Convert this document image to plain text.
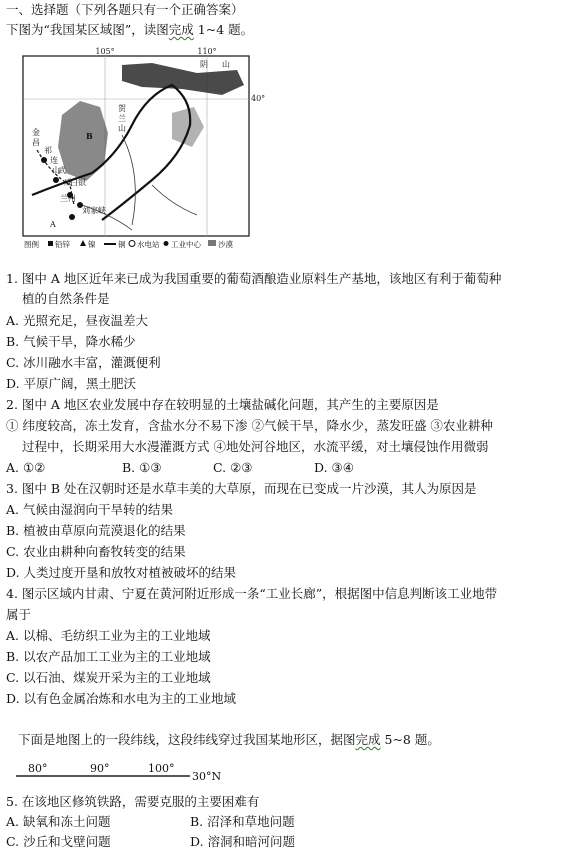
一、选择题（下列各题只有一个正确答案）
下图为“我国某区域图”，读图完成 1~4 题。
105°	110°
40°
阴 山
贺
兰
山
金
昌
祁
连
山
武
威
白银
兰州
刘家峡
A
B
图例 铅锌 镍	铜 水电站 工业中心 沙漠
1. 图中 A 地区近年来已成为我国重要的葡萄酒酿造业原料生产基地，该地区有利于葡萄种
植的自然条件是
A. 光照充足，昼夜温差大
B. 气候干旱，降水稀少
C. 冰川融水丰富，灌溉便利
D. 平原广阔，黑土肥沃
2. 图中 A 地区农业发展中存在较明显的土壤盐碱化问题，其产生的主要原因是
① 纬度较高，冻土发育，含盐水分不易下渗 ②气候干旱，降水少，蒸发旺盛 ③农业耕种
过程中，长期采用大水漫灌溉方式 ④地处河谷地区，水流平缓，对土壤侵蚀作用微弱
A. ①②	B. ①③	C. ②③	D. ③④
3. 图中 B 处在汉朝时还是水草丰美的大草原，而现在已变成一片沙漠，其人为原因是
A. 气候由湿润向干旱转的结果
B. 植被由草原向荒漠退化的结果
C. 农业由耕种向畜牧转变的结果
D. 人类过度开垦和放牧对植被破坏的结果
4. 图示区域内甘肃、宁夏在黄河附近形成一条“工业长廊”，根据图中信息判断该工业地带
属于
A. 以棉、毛纺织工业为主的工业地域
B. 以农产品加工工业为主的工业地域
C. 以石油、煤炭开采为主的工业地域
D. 以有色金属冶炼和水电为主的工业地域
下面是地图上的一段纬线，这段纬线穿过我国某地形区，据图完成 5~8 题。
80°	90°	100°
30°N
5. 在该地区修筑铁路，需要克服的主要困难有
A. 缺氧和冻土问题	B. 沼泽和草地问题
C. 沙丘和戈壁问题	D. 溶洞和暗河问题
